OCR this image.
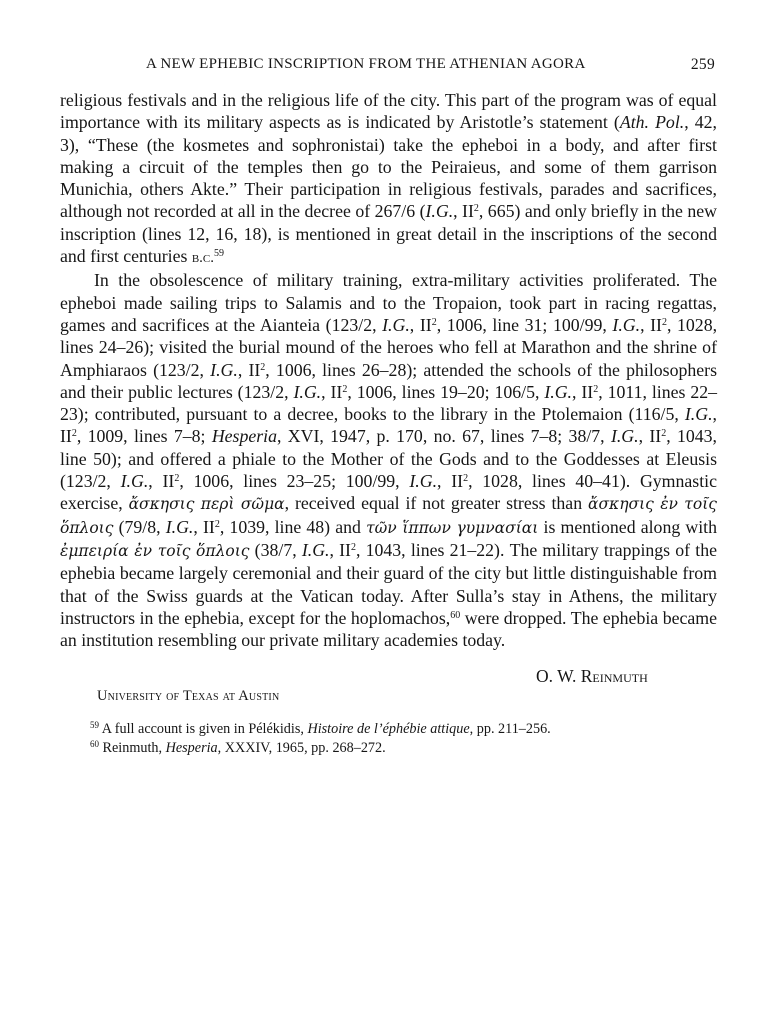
A NEW EPHEBIC INSCRIPTION FROM THE ATHENIAN AGORA	259

religious festivals and in the religious life of the city. This part of the program was of equal importance with its military aspects as is indicated by Aristotle’s statement (Ath. Pol., 42, 3), “These (the kosmetes and sophronistai) take the epheboi in a body, and after first making a circuit of the temples then go to the Peiraieus, and some of them garrison Munichia, others Akte.” Their participation in religious festivals, parades and sacrifices, although not recorded at all in the decree of 267/6 (I.G., $II^2$, 665) and only briefly in the new inscription (lines 12, 16, 18), is mentioned in great detail in the inscriptions of the second and first centuries b.c.$^{59}$

In the obsolescence of military training, extra-military activities proliferated. The epheboi made sailing trips to Salamis and to the Tropaion, took part in racing regattas, games and sacrifices at the Aianteia (123/2, I.G., $II^2$, 1006, line 31; 100/99, I.G., $II^2$, 1028, lines 24–26); visited the burial mound of the heroes who fell at Marathon and the shrine of Amphiaraos (123/2, I.G., $II^2$, 1006, lines 26–28); attended the schools of the philosophers and their public lectures (123/2, I.G., $II^2$, 1006, lines 19–20; 106/5, I.G., $II^2$, 1011, lines 22–23); contributed, pursuant to a decree, books to the library in the Ptolemaion (116/5, I.G., $II^2$, 1009, lines 7–8; Hesperia, XVI, 1947, p. 170, no. 67, lines 7–8; 38/7, I.G., $II^2$, 1043, line 50); and offered a phiale to the Mother of the Gods and to the Goddesses at Eleusis (123/2, I.G., $II^2$, 1006, lines 23–25; 100/99, I.G., $II^2$, 1028, lines 40–41). Gymnastic exercise, ἄσκησις περὶ σῶμα, received equal if not greater stress than ἄσκησις ἐν τοῖς ὅπλοις (79/8, I.G., $II^2$, 1039, line 48) and τῶν ἵππων γυμνασίαι is mentioned along with ἐμπειρία ἐν τοῖς ὅπλοις (38/7, I.G., $II^2$, 1043, lines 21–22). The military trappings of the ephebia became largely ceremonial and their guard of the city but little distinguishable from that of the Swiss guards at the Vatican today. After Sulla’s stay in Athens, the military instructors in the ephebia, except for the hoplomachos,$^{60}$ were dropped. The ephebia became an institution resembling our private military academies today.

O. W. Reinmuth
University of Texas at Austin
$^{59}$ A full account is given in Pélékidis, Histoire de l’éphébie attique, pp. 211–256.
$^{60}$ Reinmuth, Hesperia, XXXIV, 1965, pp. 268–272.
